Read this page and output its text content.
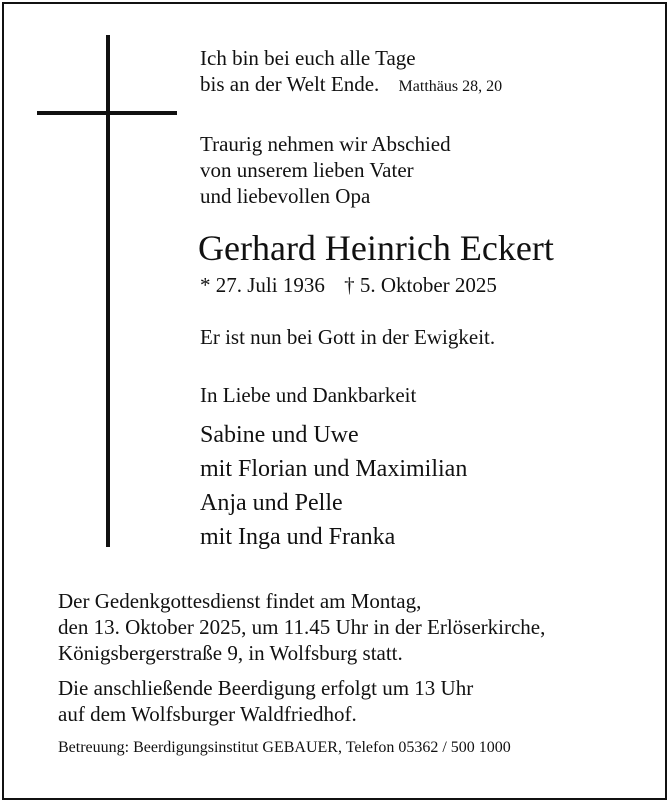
Ich bin bei euch alle Tage
bis an der Welt Ende. Matthäus 28, 20
Traurig nehmen wir Abschied
von unserem lieben Vater
und liebevollen Opa
Gerhard Heinrich Eckert
* 27. Juli 1936 † 5. Oktober 2025
Er ist nun bei Gott in der Ewigkeit.
In Liebe und Dankbarkeit
Sabine und Uwe
mit Florian und Maximilian
Anja und Pelle
mit Inga und Franka
Der Gedenkgottesdienst findet am Montag,
den 13. Oktober 2025, um 11.45 Uhr in der Erlöserkirche,
Königsbergerstraße 9, in Wolfsburg statt.
Die anschließende Beerdigung erfolgt um 13 Uhr
auf dem Wolfsburger Waldfriedhof.
Betreuung: Beerdigungsinstitut GEBAUER, Telefon 05362 / 500 1000
